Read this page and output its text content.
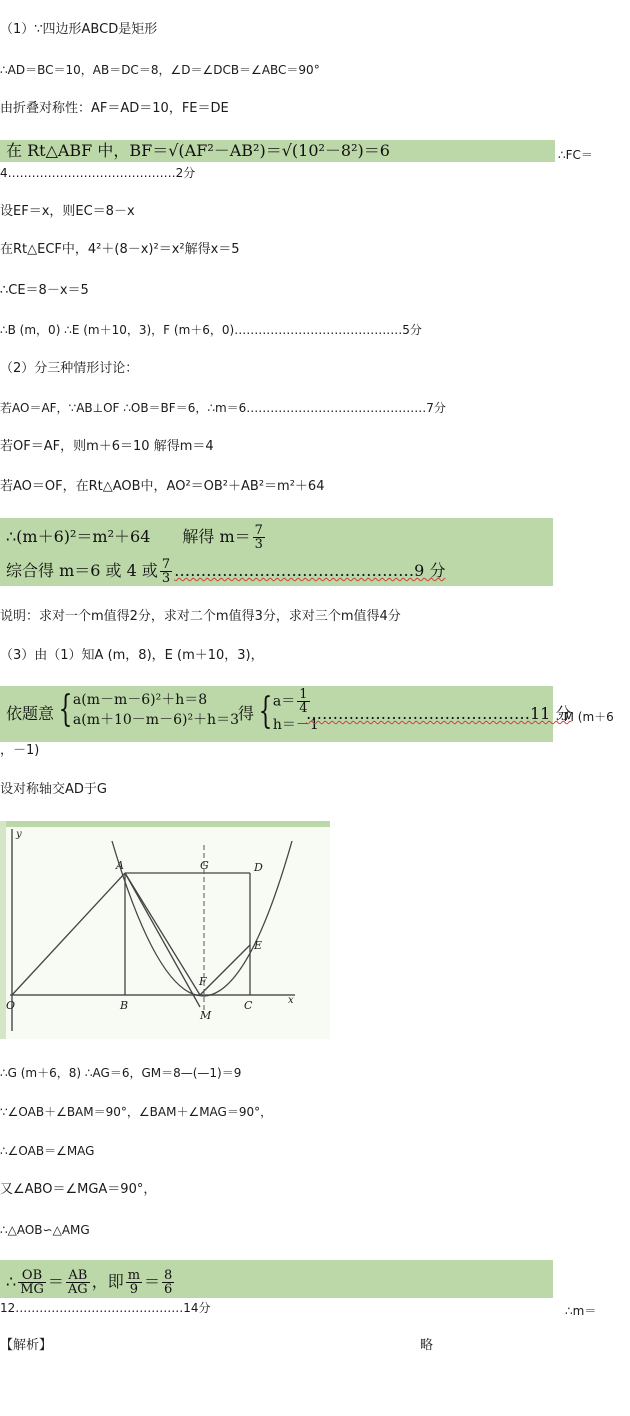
（1）∵四边形ABCD是矩形
∴AD＝BC＝10，AB＝DC＝8，∠D＝∠DCB＝∠ABC＝90°
由折叠对称性：AF＝AD＝10，FE＝DE
在 Rt△ABF 中，BF＝√(AF²－AB²)＝√(10²－8²)＝6	∴FC＝
4……………………………………2分
设EF＝x，则EC＝8－x
在Rt△ECF中，4²＋(8－x)²＝x²解得x＝5
∴CE＝8－x＝5
∴B (m，0) ∴E (m＋10，3)，F (m＋6，0)……………………………………5分
（2）分三种情形讨论：
若AO＝AF，∵AB⊥OF ∴OB＝BF＝6，∴m＝6………………………………………7分
若OF＝AF，则m＋6＝10 解得m＝4
若AO＝OF，在Rt△AOB中，AO²＝OB²＋AB²＝m²＋64
∴(m＋6)²＝m²＋64　　解得 $m= \frac{7}{3}$
综合得 m＝6 或 4 或 $\frac{7}{3}$ ………………………………………9 分
说明：求对一个m值得2分，求对二个m值得3分，求对三个m值得4分
（3）由（1）知A (m，8)，E (m＋10，3)，
依题意 { a(m－m－6)²＋h＝8
a(m＋10－m－6)²＋h＝3 得 { $a= \frac{1}{4}$
h＝－1
……………………………………11 分
∴M (m＋6
，－1)
设对称轴交AD于G
A	G	D
E
F
O	B	C
M
x
y
∴G (m＋6，8) ∴AG＝6，GM＝8—(—1)＝9
∵∠OAB＋∠BAM＝90°，∠BAM＋∠MAG＝90°，
∴∠OAB＝∠MAG
又∠ABO＝∠MGA＝90°，
∴△AOB∽△AMG
∴ $\frac{OB}{MG} = \frac{AB}{AG}$ ，即 $\frac{m}{9} = \frac{8}{6}$
∴m＝
12……………………………………14分
【解析】	略
